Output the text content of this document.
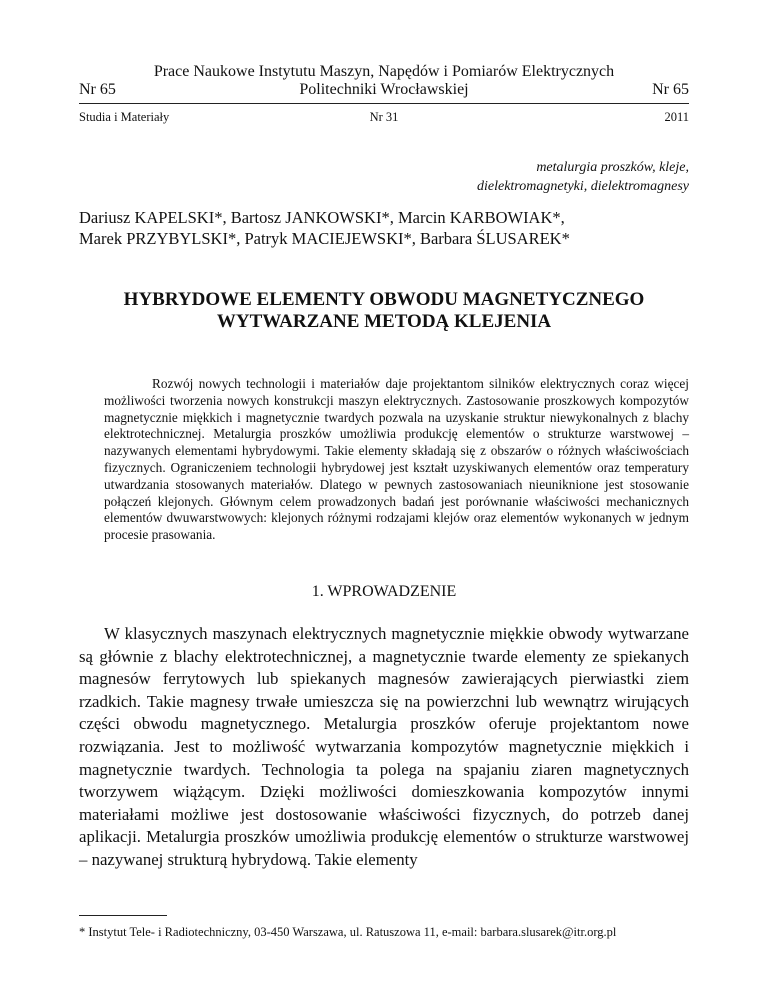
Prace Naukowe Instytutu Maszyn, Napędów i Pomiarów Elektrycznych
Politechniki Wrocławskiej
Nr 65	Nr 65
Studia i Materiały	Nr 31	2011
metalurgia proszków, kleje,
dielektromagnetyki, dielektromagnesy
Dariusz KAPELSKI*, Bartosz JANKOWSKI*, Marcin KARBOWIAK*,
Marek PRZYBYLSKI*, Patryk MACIEJEWSKI*, Barbara ŚLUSAREK*
HYBRYDOWE ELEMENTY OBWODU MAGNETYCZNEGO
WYTWARZANE METODĄ KLEJENIA
Rozwój nowych technologii i materiałów daje projektantom silników elektrycznych coraz więcej możliwości tworzenia nowych konstrukcji maszyn elektrycznych. Zastosowanie proszkowych kompozytów magnetycznie miękkich i magnetycznie twardych pozwala na uzyskanie struktur niewykonalnych z blachy elektrotechnicznej. Metalurgia proszków umożliwia produkcję elementów o strukturze warstwowej – nazywanych elementami hybrydowymi. Takie elementy składają się z obszarów o różnych właściwościach fizycznych. Ograniczeniem technologii hybrydowej jest kształt uzyskiwanych elementów oraz temperatury utwardzania stosowanych materiałów. Dlatego w pewnych zastosowaniach nieuniknione jest stosowanie połączeń klejonych. Głównym celem prowadzonych badań jest porównanie właściwości mechanicznych elementów dwuwarstwowych: klejonych różnymi rodzajami klejów oraz elementów wykonanych w jednym procesie prasowania.
1. WPROWADZENIE
W klasycznych maszynach elektrycznych magnetycznie miękkie obwody wytwarzane są głównie z blachy elektrotechnicznej, a magnetycznie twarde elementy ze spiekanych magnesów ferrytowych lub spiekanych magnesów zawierających pierwiastki ziem rzadkich. Takie magnesy trwałe umieszcza się na powierzchni lub wewnątrz wirujących części obwodu magnetycznego. Metalurgia proszków oferuje projektantom nowe rozwiązania. Jest to możliwość wytwarzania kompozytów magnetycznie miękkich i magnetycznie twardych. Technologia ta polega na spajaniu ziaren magnetycznych tworzywem wiążącym. Dzięki możliwości domieszkowania kompozytów innymi materiałami możliwe jest dostosowanie właściwości fizycznych, do potrzeb danej aplikacji. Metalurgia proszków umożliwia produkcję elementów o strukturze warstwowej – nazywanej strukturą hybrydową. Takie elementy
* Instytut Tele- i Radiotechniczny, 03-450 Warszawa, ul. Ratuszowa 11, e-mail: barbara.slusarek@itr.org.pl
